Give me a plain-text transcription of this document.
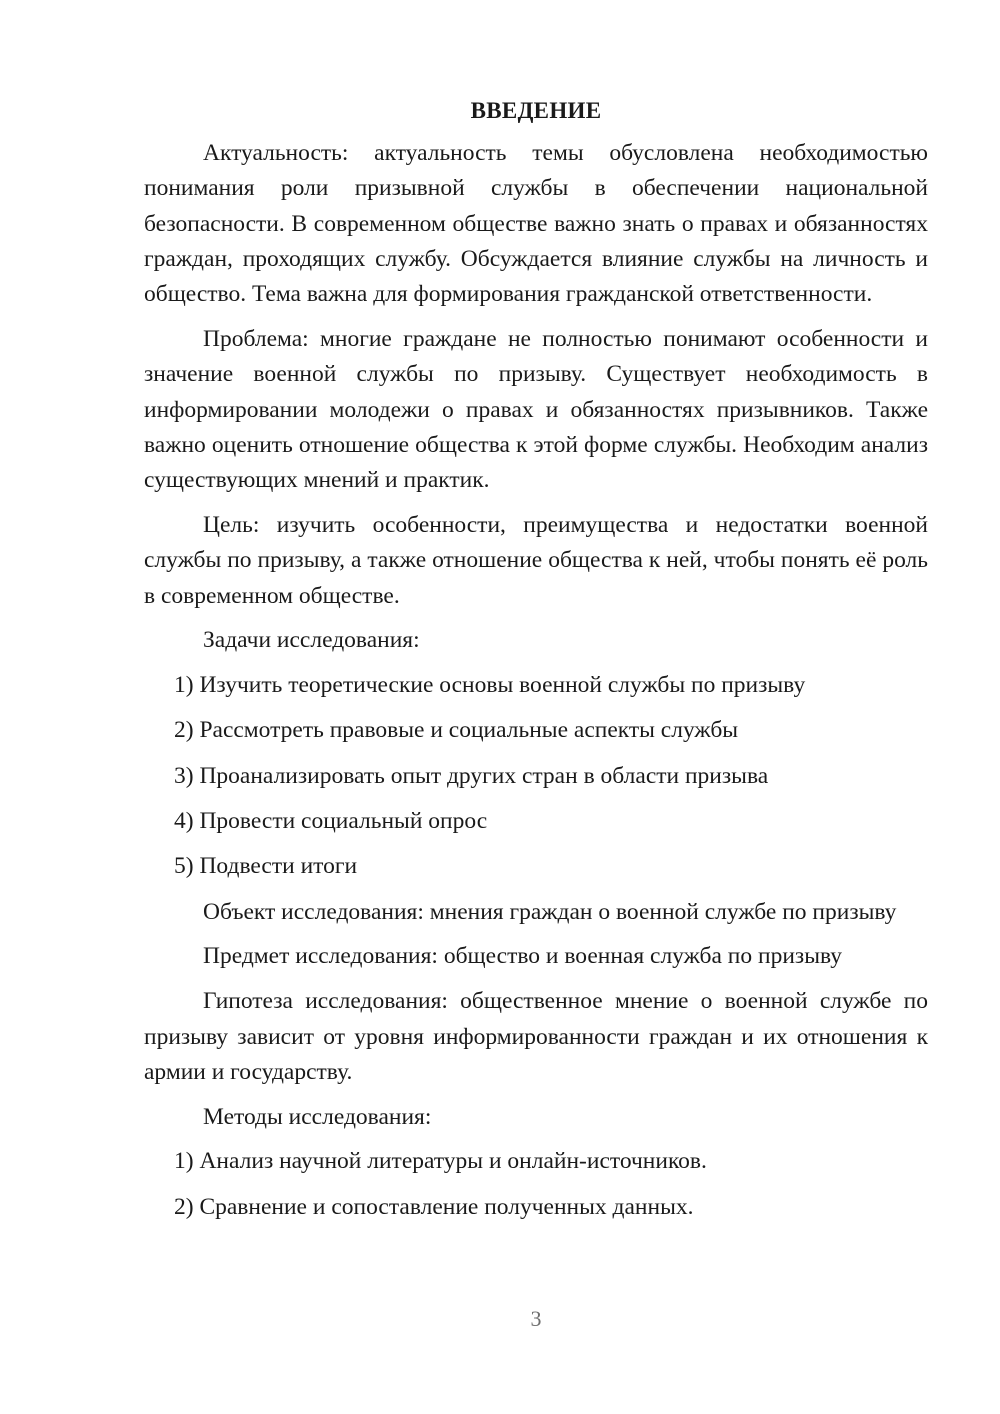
ВВЕДЕНИЕ

Актуальность: актуальность темы обусловлена необходимостью понимания роли призывной службы в обеспечении национальной безопасности. В современном обществе важно знать о правах и обязанностях граждан, проходящих службу. Обсуждается влияние службы на личность и общество. Тема важна для формирования гражданской ответственности.

Проблема: многие граждане не полностью понимают особенности и значение военной службы по призыву. Существует необходимость в информировании молодежи о правах и обязанностях призывников. Также важно оценить отношение общества к этой форме службы. Необходим анализ существующих мнений и практик.

Цель: изучить особенности, преимущества и недостатки военной службы по призыву, а также отношение общества к ней, чтобы понять её роль в современном обществе.

Задачи исследования:

1) Изучить теоретические основы военной службы по призыву
2) Рассмотреть правовые и социальные аспекты службы
3) Проанализировать опыт других стран в области призыва
4) Провести социальный опрос
5) Подвести итоги

Объект исследования: мнения граждан о военной службе по призыву

Предмет исследования: общество и военная служба по призыву

Гипотеза исследования: общественное мнение о военной службе по призыву зависит от уровня информированности граждан и их отношения к армии и государству.

Методы исследования:

1) Анализ научной литературы и онлайн-источников.
2) Сравнение и сопоставление полученных данных.
3
